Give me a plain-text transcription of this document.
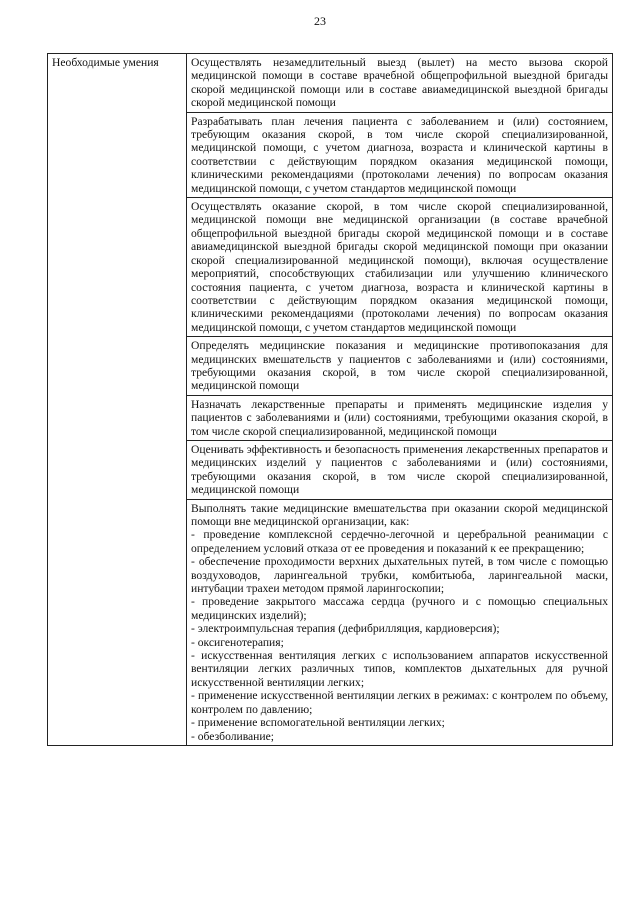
23
Необходимые умения	Осуществлять незамедлительный выезд (вылет) на место вызова скорой медицинской помощи в составе врачебной общепрофильной выездной бригады скорой медицинской помощи или в составе авиамедицинской выездной бригады скорой медицинской помощи

Разрабатывать план лечения пациента с заболеванием и (или) состоянием, требующим оказания скорой, в том числе скорой специализированной, медицинской помощи, с учетом диагноза, возраста и клинической картины в соответствии с действующим порядком оказания медицинской помощи, клиническими рекомендациями (протоколами лечения) по вопросам оказания медицинской помощи, с учетом стандартов медицинской помощи

Осуществлять оказание скорой, в том числе скорой специализированной, медицинской помощи вне медицинской организации (в составе врачебной общепрофильной выездной бригады скорой медицинской помощи и в составе авиамедицинской выездной бригады скорой медицинской помощи при оказании скорой специализированной медицинской помощи), включая осуществление мероприятий, способствующих стабилизации или улучшению клинического состояния пациента, с учетом диагноза, возраста и клинической картины в соответствии с действующим порядком оказания медицинской помощи, клиническими рекомендациями (протоколами лечения) по вопросам оказания медицинской помощи, с учетом стандартов медицинской помощи

Определять медицинские показания и медицинские противопоказания для медицинских вмешательств у пациентов с заболеваниями и (или) состояниями, требующими оказания скорой, в том числе скорой специализированной, медицинской помощи

Назначать лекарственные препараты и применять медицинские изделия у пациентов с заболеваниями и (или) состояниями, требующими оказания скорой, в том числе скорой специализированной, медицинской помощи

Оценивать эффективность и безопасность применения лекарственных препаратов и медицинских изделий у пациентов с заболеваниями и (или) состояниями, требующими оказания скорой, в том числе скорой специализированной, медицинской помощи

Выполнять такие медицинские вмешательства при оказании скорой медицинской помощи вне медицинской организации, как:
- проведение комплексной сердечно-легочной и церебральной реанимации с определением условий отказа от ее проведения и показаний к ее прекращению;
- обеспечение проходимости верхних дыхательных путей, в том числе с помощью воздуховодов, ларингеальной трубки, комбитьюба, ларингеальной маски, интубации трахеи методом прямой ларингоскопии;
- проведение закрытого массажа сердца (ручного и с помощью специальных медицинских изделий);
- электроимпульсная терапия (дефибрилляция, кардиоверсия);
- оксигенотерапия;
- искусственная вентиляция легких с использованием аппаратов искусственной вентиляции легких различных типов, комплектов дыхательных для ручной искусственной вентиляции легких;
- применение искусственной вентиляции легких в режимах: с контролем по объему, контролем по давлению;
- применение вспомогательной вентиляции легких;
- обезболивание;
